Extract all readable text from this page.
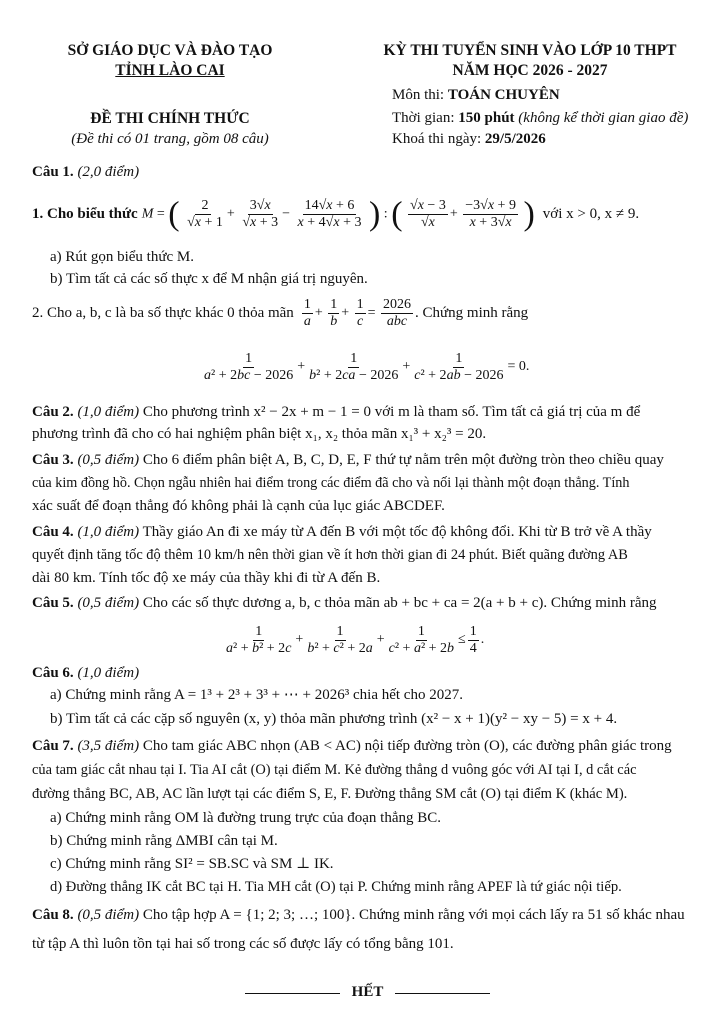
SỞ GIÁO DỤC VÀ ĐÀO TẠO
TỈNH LÀO CAI
ĐỀ THI CHÍNH THỨC
(Đề thi có 01 trang, gồm 08 câu)
KỲ THI TUYỂN SINH VÀO LỚP 10 THPT
NĂM HỌC 2026 - 2027
Môn thi: TOÁN CHUYÊN
Thời gian: 150 phút (không kể thời gian giao đề)
Khoá thi ngày: 29/5/2026
Câu 1. (2,0 điểm)
1. Cho biểu thức M = ( $\frac{2}{√x + 1} + \frac{3√x}{√x + 3} - \frac{14√x + 6}{x + 4√x + 3}$ ) : ( $\frac{√x - 3}{√x} + \frac{-3√x + 9}{x + 3√x}$ ) với x > 0, x ≠ 9.
a) Rút gọn biểu thức M.
b) Tìm tất cả các số thực x để M nhận giá trị nguyên.
2. Cho a, b, c là ba số thực khác 0 thỏa mãn $\frac{1}{a} + \frac{1}{b} + \frac{1}{c} = \frac{2026}{\text{abc}}$ . Chứng minh rằng
$\frac{1}{\text{a² + 2bc − 2026}} + \frac{1}{\text{b² + 2ca − 2026}} + \frac{1}{\text{c² + 2ab − 2026}} = 0$.
Câu 2. (1,0 điểm) Cho phương trình x² − 2x + m − 1 = 0 với m là tham số. Tìm tất cả giá trị của m để
phương trình đã cho có hai nghiệm phân biệt x₁, x₂ thỏa mãn x₁³ + x₂³ = 20.
Câu 3. (0,5 điểm) Cho 6 điểm phân biệt A, B, C, D, E, F thứ tự nằm trên một đường tròn theo chiều quay
của kim đồng hồ. Chọn ngẫu nhiên hai điểm trong các điểm đã cho và nối lại thành một đoạn thẳng. Tính
xác suất để đoạn thẳng đó không phải là cạnh của lục giác ABCDEF.
Câu 4. (1,0 điểm) Thầy giáo An đi xe máy từ A đến B với một tốc độ không đổi. Khi từ B trở về A thầy
quyết định tăng tốc độ thêm 10 km/h nên thời gian về ít hơn thời gian đi 24 phút. Biết quãng đường AB
dài 80 km. Tính tốc độ xe máy của thầy khi đi từ A đến B.
Câu 5. (0,5 điểm) Cho các số thực dương a, b, c thỏa mãn ab + bc + ca = 2(a + b + c). Chứng minh rằng
$\frac{1}{\text{a² + b² + 2c}} + \frac{1}{\text{b² + c² + 2a}} + \frac{1}{\text{c² + a² + 2b}} \le \frac{1}{4}$ .
Câu 6. (1,0 điểm)
a) Chứng minh rằng A = 1³ + 2³ + 3³ + ⋯ + 2026³ chia hết cho 2027.
b) Tìm tất cả các cặp số nguyên (x, y) thỏa mãn phương trình (x² − x + 1)(y² − xy − 5) = x + 4.
Câu 7. (3,5 điểm) Cho tam giác ABC nhọn (AB < AC) nội tiếp đường tròn (O), các đường phân giác trong
của tam giác cắt nhau tại I. Tia AI cắt (O) tại điểm M. Kẻ đường thẳng d vuông góc với AI tại I, d cắt các
đường thẳng BC, AB, AC lần lượt tại các điểm S, E, F. Đường thẳng SM cắt (O) tại điểm K (khác M).
a) Chứng minh rằng OM là đường trung trực của đoạn thẳng BC.
b) Chứng minh rằng ΔMBI cân tại M.
c) Chứng minh rằng SI² = SB.SC và SM ⊥ IK.
d) Đường thẳng IK cắt BC tại H. Tia MH cắt (O) tại P. Chứng minh rằng APEF là tứ giác nội tiếp.
Câu 8. (0,5 điểm) Cho tập hợp A = {1; 2; 3; …; 100}. Chứng minh rằng với mọi cách lấy ra 51 số khác nhau
từ tập A thì luôn tồn tại hai số trong các số được lấy có tổng bằng 101.
HẾT
